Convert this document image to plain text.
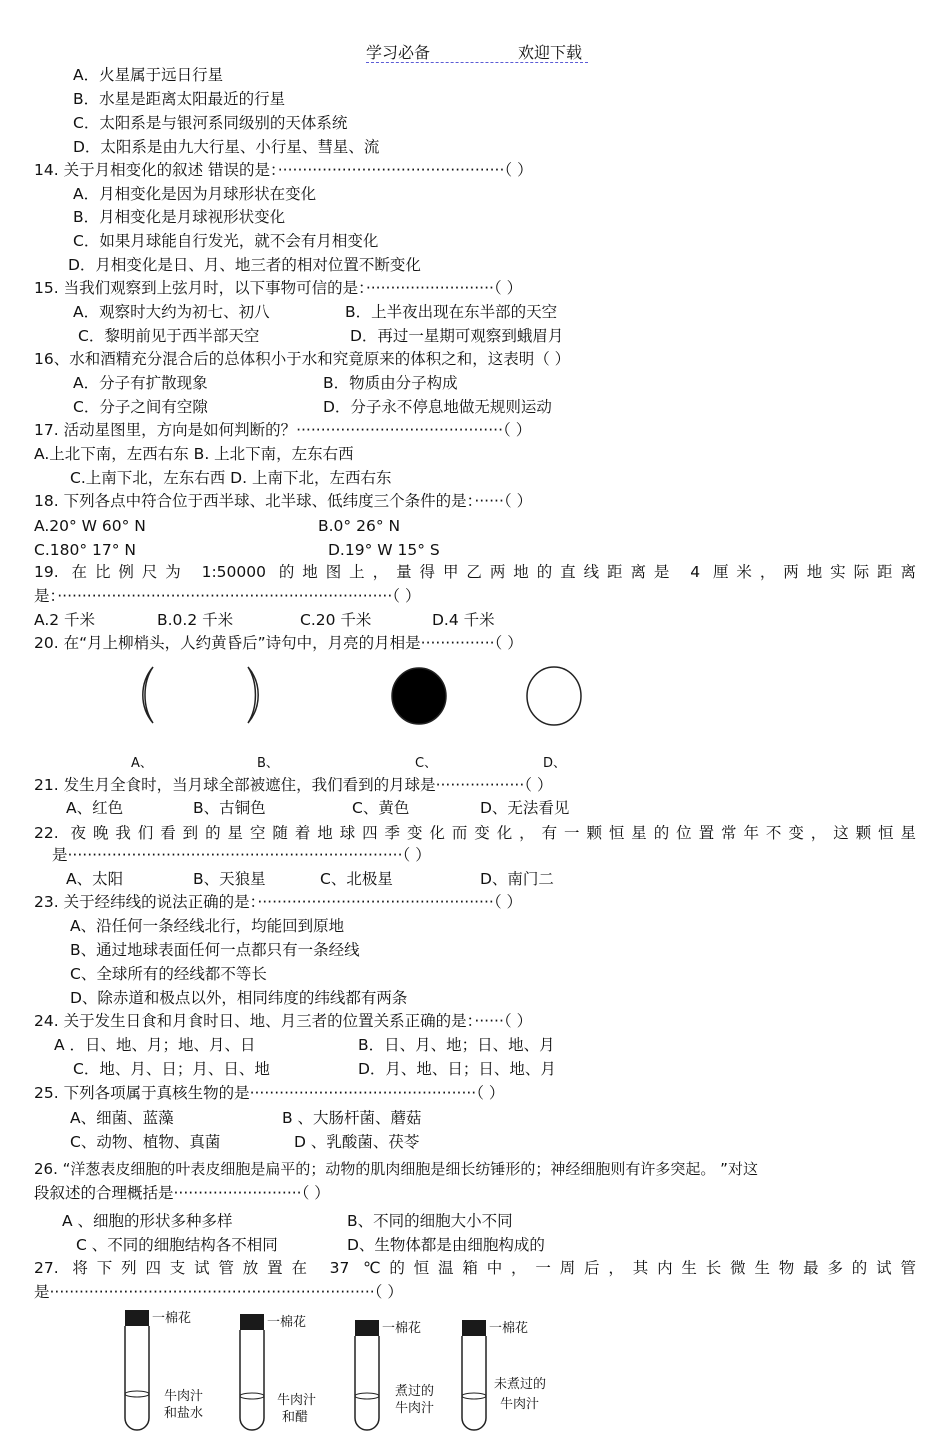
学习必备	欢迎下载
A．火星属于远日行星
B．水星是距离太阳最近的行星
C．太阳系是与银河系同级别的天体系统
D．太阳系是由九大行星、小行星、彗星、流
14. 关于月相变化的叙述 错误的是：··············································（ ）
A．月相变化是因为月球形状在变化
B．月相变化是月球视形状变化
C．如果月球能自行发光，就不会有月相变化
D．月相变化是日、月、地三者的相对位置不断变化
15. 当我们观察到上弦月时，以下事物可信的是：··························（ ）
A．观察时大约为初七、初八	B．上半夜出现在东半部的天空
C．黎明前见于西半部天空	D．再过一星期可观察到蛾眉月
16、水和酒精充分混合后的总体积小于水和究竟原来的体积之和，这表明（ ）
A．分子有扩散现象	B．物质由分子构成
C．分子之间有空隙	D．分子永不停息地做无规则运动
17. 活动星图里，方向是如何判断的？··········································（ ）
A.上北下南，左西右东 B. 上北下南，左东右西
C.上南下北，左东右西 D. 上南下北，左西右东
18. 下列各点中符合位于西半球、北半球、低纬度三个条件的是：······（ ）
A.20° W 60° N	B.0° 26° N
C.180° 17° N	D.19° W 15° S
19. 在比例尺为 1:50000 的地图上，量得甲乙两地的直线距离是 4 厘米，两地实际距离
是：····································································（ ）
A.2 千米	B.0.2 千米	C.20 千米	D.4 千米
20. 在“月上柳梢头，人约黄昏后”诗句中，月亮的月相是···············（ ）
A、	B、	C、	D、
21. 发生月全食时，当月球全部被遮住，我们看到的月球是··················（ ）
A、红色	B、古铜色	C、黄色	D、无法看见
22. 夜晚我们看到的星空随着地球四季变化而变化，有一颗恒星的位置常年不变，这颗恒星
是····································································（ ）
A、太阳	B、天狼星	C、北极星	D、南门二
23. 关于经纬线的说法正确的是：················································（ ）
A、沿任何一条经线北行，均能回到原地
B、通过地球表面任何一点都只有一条经线
C、全球所有的经线都不等长
D、除赤道和极点以外，相同纬度的纬线都有两条
24. 关于发生日食和月食时日、地、月三者的位置关系正确的是：······（ ）
A ．日、地、月；地、月、日	B．日、月、地；日、地、月
C．地、月、日；月、日、地	D．月、地、日；日、地、月
25. 下列各项属于真核生物的是··············································（ ）
A、细菌、蓝藻	B 、大肠杆菌、蘑菇
C、动物、植物、真菌	D 、乳酸菌、茯苓
26. “洋葱表皮细胞的叶表皮细胞是扁平的；动物的肌肉细胞是细长纺锤形的；神经细胞则有许多突起。 ”对这
段叙述的合理概括是··························（ ）
A 、细胞的形状多种多样	B、不同的细胞大小不同
C 、不同的细胞结构各不相同	D、生物体都是由细胞构成的
27. 将下列四支试管放置在 37 ℃的恒温箱中，一周后，其内生长微生物最多的试管
是··································································（ ）
一棉花
牛肉汁
和盐水
一棉花
牛肉汁
和醋
一棉花
煮过的
牛肉汁
一棉花
未煮过的
牛肉汁
